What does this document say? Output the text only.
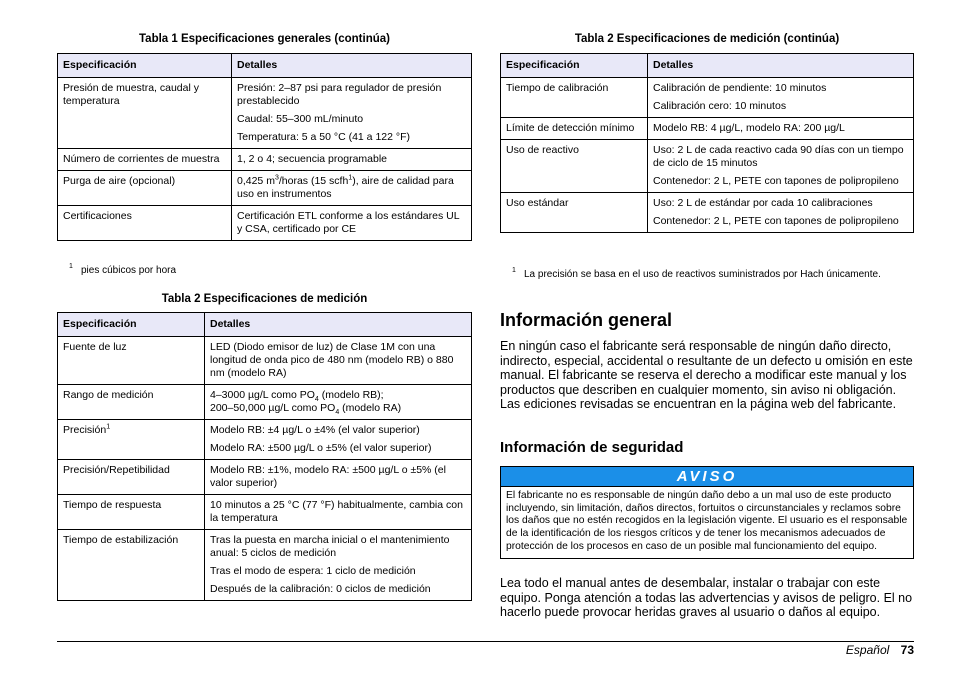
Tabla 1 Especificaciones generales (continúa)
Especificación	Detalles
Presión de muestra, caudal y temperatura	Presión: 2–87 psi para regulador de presión prestablecido
Caudal: 55–300 mL/minuto
Temperatura: 5 a 50 °C (41 a 122 °F)

Número de corrientes de muestra	1, 2 o 4; secuencia programable

Purga de aire (opcional)	0,425 $m^3$/horas (15 scfh$^1$), aire de calidad para uso en instrumentos

Certificaciones	Certificación ETL conforme a los estándares UL y CSA, certificado por CE
1 pies cúbicos por hora
Tabla 2 Especificaciones de medición
Especificación	Detalles
Fuente de luz	LED (Diodo emisor de luz) de Clase 1M con una longitud de onda pico de 480 nm (modelo RB) o 880 nm (modelo RA)

Rango de medición	4–3000 µg/L como $PO_4$ (modelo RB);
200–50,000 µg/L como $PO_4$ (modelo RA)

Precisión$^1$	Modelo RB: ±4 µg/L o ±4% (el valor superior)
Modelo RA: ±500 µg/L o ±5% (el valor superior)

Precisión/Repetibilidad	Modelo RB: ±1%, modelo RA: ±500 µg/L o ±5% (el valor superior)

Tiempo de respuesta	10 minutos a 25 °C (77 °F) habitualmente, cambia con la temperatura

Tiempo de estabilización	Tras la puesta en marcha inicial o el mantenimiento anual: 5 ciclos de medición
Tras el modo de espera: 1 ciclo de medición
Después de la calibración: 0 ciclos de medición
Tabla 2 Especificaciones de medición (continúa)
Especificación	Detalles
Tiempo de calibración	Calibración de pendiente: 10 minutos
Calibración cero: 10 minutos

Límite de detección mínimo	Modelo RB: 4 µg/L, modelo RA: 200 µg/L

Uso de reactivo	Uso: 2 L de cada reactivo cada 90 días con un tiempo de ciclo de 15 minutos
Contenedor: 2 L, PETE con tapones de polipropileno

Uso estándar	Uso: 2 L de estándar por cada 10 calibraciones
Contenedor: 2 L, PETE con tapones de polipropileno
1 La precisión se basa en el uso de reactivos suministrados por Hach únicamente.
Información general

En ningún caso el fabricante será responsable de ningún daño directo, indirecto, especial, accidental o resultante de un defecto u omisión en este manual. El fabricante se reserva el derecho a modificar este manual y los productos que describen en cualquier momento, sin aviso ni obligación. Las ediciones revisadas se encuentran en la página web del fabricante.

Información de seguridad
AVISO
El fabricante no es responsable de ningún daño debo a un mal uso de este producto incluyendo, sin limitación, daños directos, fortuitos o circunstanciales y reclamos sobre los daños que no estén recogidos en la legislación vigente. El usuario es el responsable de la identificación de los riesgos críticos y de tener los mecanismos adecuados de protección de los procesos en caso de un posible mal funcionamiento del equipo.

Lea todo el manual antes de desembalar, instalar o trabajar con este equipo. Ponga atención a todas las advertencias y avisos de peligro. El no hacerlo puede provocar heridas graves al usuario o daños al equipo.

Español 73
